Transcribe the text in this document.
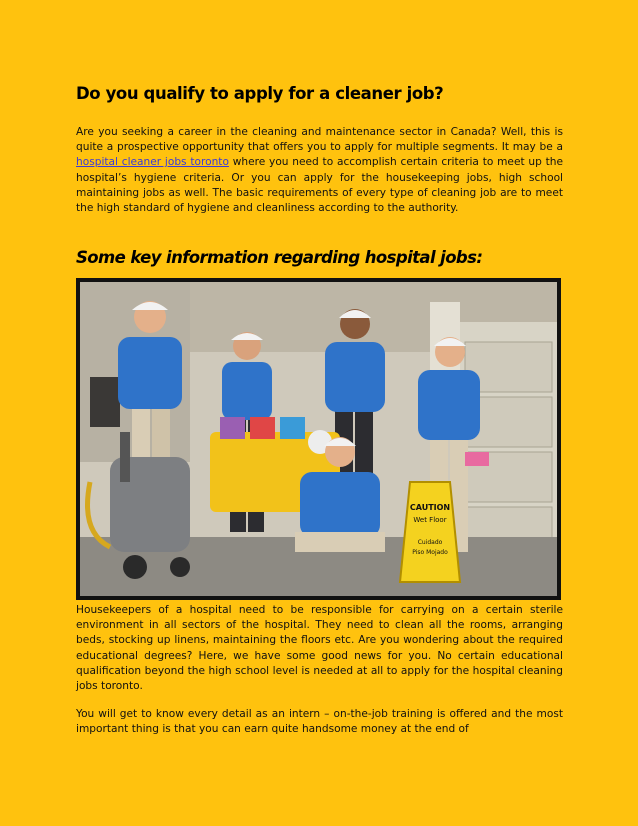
Do you qualify to apply for a cleaner job?

Are you seeking a career in the cleaning and maintenance sector in Canada? Well, this is quite a prospective opportunity that offers you to apply for multiple segments. It may be a hospital cleaner jobs toronto where you need to accomplish certain criteria to meet up the hospital’s hygiene criteria. Or you can apply for the housekeeping jobs, high school maintaining jobs as well. The basic requirements of every type of cleaning job are to meet the high standard of hygiene and cleanliness according to the authority.

Some key information regarding hospital jobs:
CAUTION
Wet Floor
Cuidado
Piso Mojado

Housekeepers of a hospital need to be responsible for carrying on a certain sterile environment in all sectors of the hospital. They need to clean all the rooms, arranging beds, stocking up linens, maintaining the floors etc. Are you wondering about the required educational degrees? Here, we have some good news for you. No certain educational qualification beyond the high school level is needed at all to apply for the hospital cleaning jobs toronto.

You will get to know every detail as an intern – on-the-job training is offered and the most important thing is that you can earn quite handsome money at the end of
